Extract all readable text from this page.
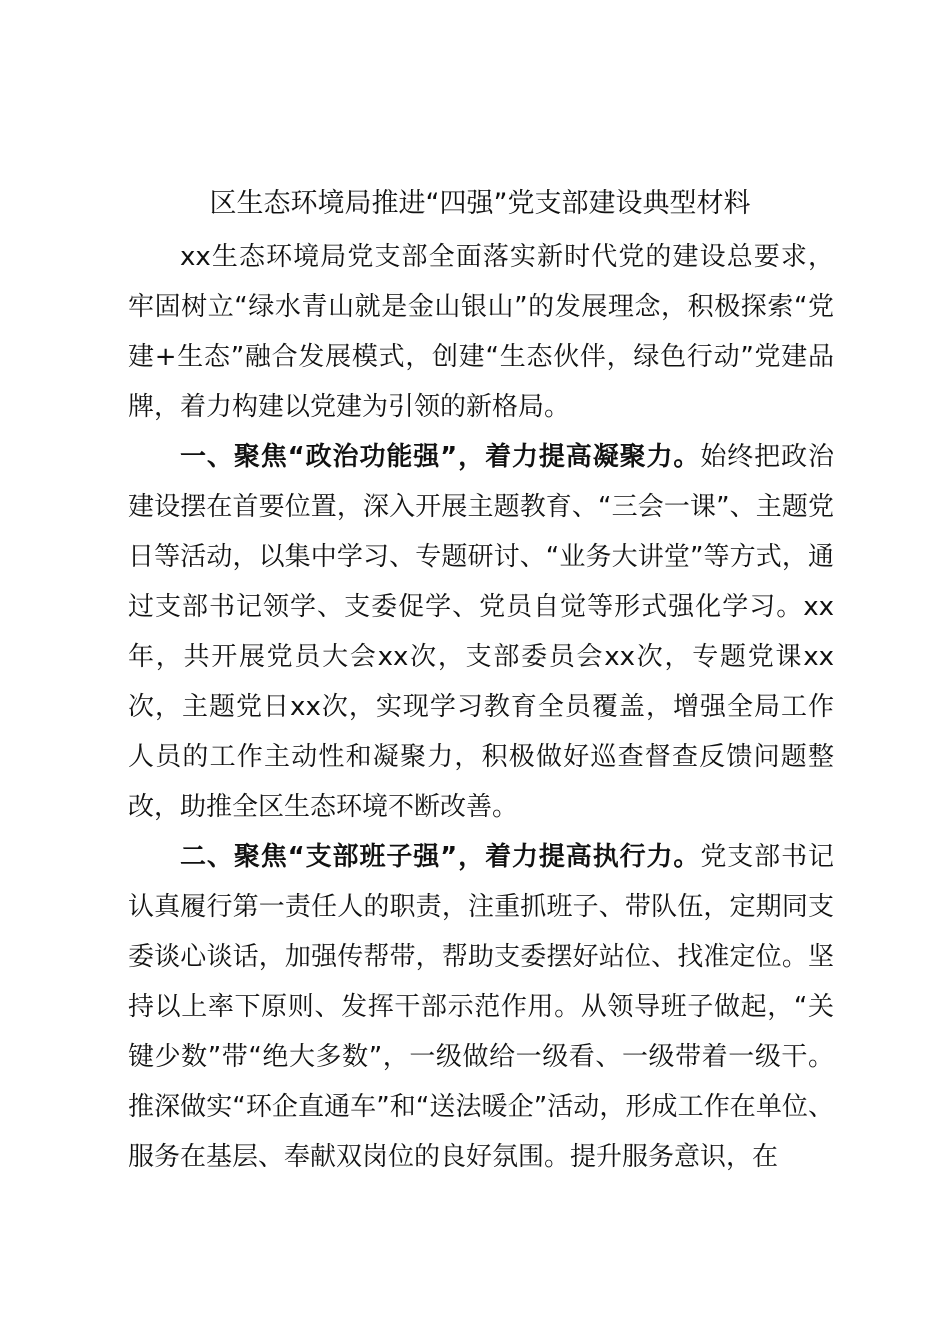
区生态环境局推进“四强”党支部建设典型材料

xx生态环境局党支部全面落实新时代党的建设总要求，牢固树立“绿水青山就是金山银山”的发展理念，积极探索“党建+生态”融合发展模式，创建“生态伙伴，绿色行动”党建品牌，着力构建以党建为引领的新格局。

一、聚焦“政治功能强”，着力提高凝聚力。始终把政治建设摆在首要位置，深入开展主题教育、“三会一课”、主题党日等活动，以集中学习、专题研讨、“业务大讲堂”等方式，通过支部书记领学、支委促学、党员自觉等形式强化学习。xx年，共开展党员大会xx次，支部委员会xx次，专题党课xx次，主题党日xx次，实现学习教育全员覆盖，增强全局工作人员的工作主动性和凝聚力，积极做好巡查督查反馈问题整改，助推全区生态环境不断改善。

二、聚焦“支部班子强”，着力提高执行力。党支部书记认真履行第一责任人的职责，注重抓班子、带队伍，定期同支委谈心谈话，加强传帮带，帮助支委摆好站位、找准定位。坚持以上率下原则、发挥干部示范作用。从领导班子做起，“关键少数”带“绝大多数”，一级做给一级看、一级带着一级干。推深做实“环企直通车”和“送法暖企”活动，形成工作在单位、服务在基层、奉献双岗位的良好氛围。提升服务意识，在
